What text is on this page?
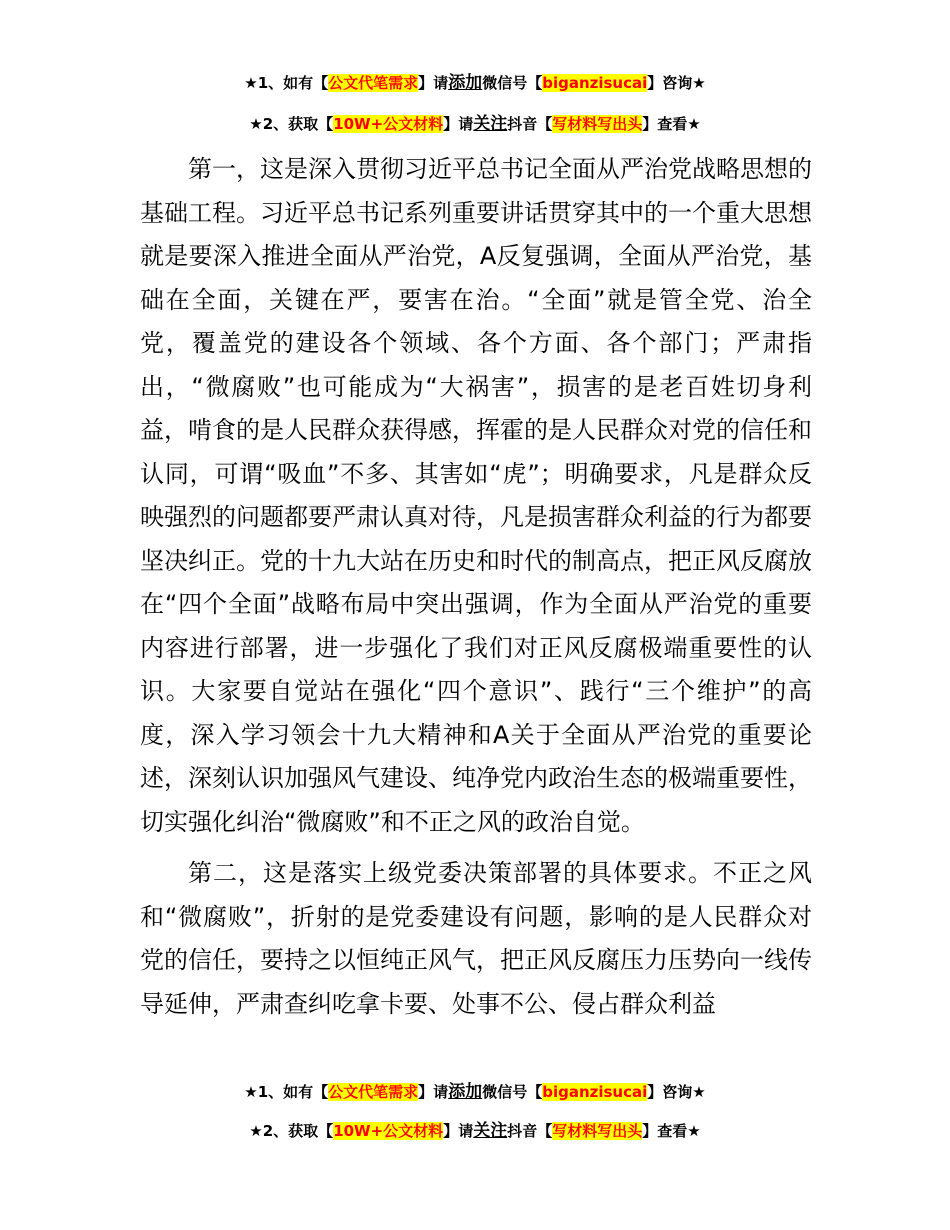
★1、如有【公文代笔需求】请添加微信号【biganzisucai】咨询★
★2、获取【10W+公文材料】请关注抖音【写材料写出头】查看★

第一，这是深入贯彻习近平总书记全面从严治党战略思想的基础工程。习近平总书记系列重要讲话贯穿其中的一个重大思想就是要深入推进全面从严治党，A反复强调，全面从严治党，基础在全面，关键在严，要害在治。“全面”就是管全党、治全党，覆盖党的建设各个领域、各个方面、各个部门；严肃指出，“微腐败”也可能成为“大祸害”，损害的是老百姓切身利益，啃食的是人民群众获得感，挥霍的是人民群众对党的信任和认同，可谓“吸血”不多、其害如“虎”；明确要求，凡是群众反映强烈的问题都要严肃认真对待，凡是损害群众利益的行为都要坚决纠正。党的十九大站在历史和时代的制高点，把正风反腐放在“四个全面”战略布局中突出强调，作为全面从严治党的重要内容进行部署，进一步强化了我们对正风反腐极端重要性的认识。大家要自觉站在强化“四个意识”、践行“三个维护”的高度，深入学习领会十九大精神和A关于全面从严治党的重要论述，深刻认识加强风气建设、纯净党内政治生态的极端重要性，切实强化纠治“微腐败”和不正之风的政治自觉。

第二，这是落实上级党委决策部署的具体要求。不正之风和“微腐败”，折射的是党委建设有问题，影响的是人民群众对党的信任，要持之以恒纯正风气，把正风反腐压力压势向一线传导延伸，严肃查纠吃拿卡要、处事不公、侵占群众利益

★1、如有【公文代笔需求】请添加微信号【biganzisucai】咨询★
★2、获取【10W+公文材料】请关注抖音【写材料写出头】查看★
